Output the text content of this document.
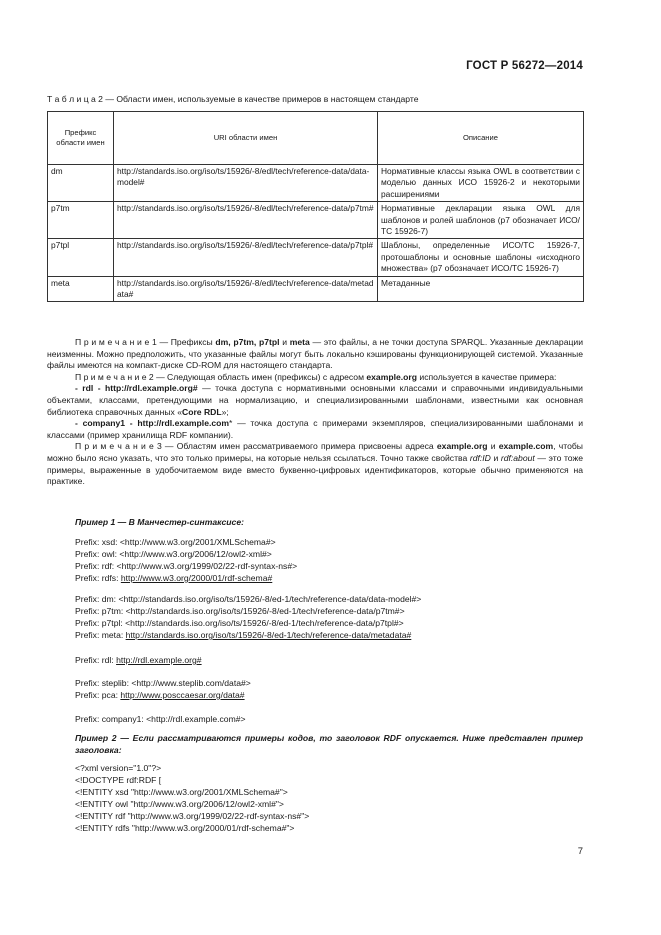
ГОСТ Р 56272—2014
Т а б л и ц а 2 — Области имен, используемые в качестве примеров в настоящем стандарте
Префикс области имен	URI области имен	Описание
dm	http://standards.iso.org/iso/ts/15926/-8/edl/tech/reference-data/data-model#	Нормативные классы языка OWL в соответствии с моделью данных ИСО 15926-2 и некоторыми расширениями
p7tm	http://standards.iso.org/iso/ts/15926/-8/edl/tech/reference-data/p7tm#	Нормативные декларации языка OWL для шаблонов и ролей шаблонов (p7 обозначает ИСО/ТС 15926-7)
p7tpl	http://standards.iso.org/iso/ts/15926/-8/edl/tech/reference-data/p7tpl#	Шаблоны, определенные ИСО/ТС 15926-7, протошаблоны и основные шаблоны «исходного множества» (p7 обозначает ИСО/ТС 15926-7)
meta	http://standards.iso.org/iso/ts/15926/-8/edl/tech/reference-data/metadata#	Метаданные

П р и м е ч а н и е 1 — Префиксы dm, p7tm, p7tpl и meta — это файлы, а не точки доступа SPARQL. Указанные декларации неизменны. Можно предположить, что указанные файлы могут быть локально кэшированы функционирующей системой. Указанные файлы имеются на компакт-диске CD-ROM для настоящего стандарта.

П р и м е ч а н и е 2 — Следующая область имен (префиксы) с адресом example.org используется в качестве примера:

- rdl - http://rdl.example.org# — точка доступа с нормативными основными классами и справочными индивидуальными объектами, классами, претендующими на нормализацию, и специализированными шаблонами, известными как основная библиотека справочных данных «Core RDL»;

- company1 - http://rdl.example.com* — точка доступа с примерами экземпляров, специализированными шаблонами и классами (пример хранилища RDF компании).

П р и м е ч а н и е 3 — Областям имен рассматриваемого примера присвоены адреса example.org и example.com, чтобы можно было ясно указать, что это только примеры, на которые нельзя ссылаться. Точно также свойства rdf:ID и rdf:about — это тоже примеры, выраженные в удобочитаемом виде вместо буквенно-цифровых идентификаторов, которые обычно применяются на практике.

Пример 1 — В Манчестер-синтаксисе:
Prefix: xsd: <http://www.w3.org/2001/XMLSchema#>
Prefix: owl: <http://www.w3.org/2006/12/owl2-xml#>
Prefix: rdf: <http://www.w3.org/1999/02/22-rdf-syntax-ns#>
Prefix: rdfs: http://www.w3.org/2000/01/rdf-schema#
Prefix: dm: <http://standards.iso.org/iso/ts/15926/-8/ed-1/tech/reference-data/data-model#>
Prefix: p7tm: <http://standards.iso.org/iso/ts/15926/-8/ed-1/tech/reference-data/p7tm#>
Prefix: p7tpl: <http://standards.iso.org/iso/ts/15926/-8/ed-1/tech/reference-data/p7tpl#>
Prefix: meta: http://standards.iso.org/iso/ts/15926/-8/ed-1/tech/reference-data/metadata#
Prefix: rdl: http://rdl.example.org#
Prefix: steplib: <http://www.steplib.com/data#>
Prefix: pca: http://www.posccaesar.org/data#
Prefix: company1: <http://rdl.example.com#>
Пример 2 — Если рассматриваются примеры кодов, то заголовок RDF опускается. Ниже представлен пример заголовка:
<?xml version="1.0"?>
<!DOCTYPE rdf:RDF [
<!ENTITY xsd "http://www.w3.org/2001/XMLSchema#">
<!ENTITY owl "http://www.w3.org/2006/12/owl2-xml#">
<!ENTITY rdf "http://www.w3.org/1999/02/22-rdf-syntax-ns#">
<!ENTITY rdfs "http://www.w3.org/2000/01/rdf-schema#">
7
